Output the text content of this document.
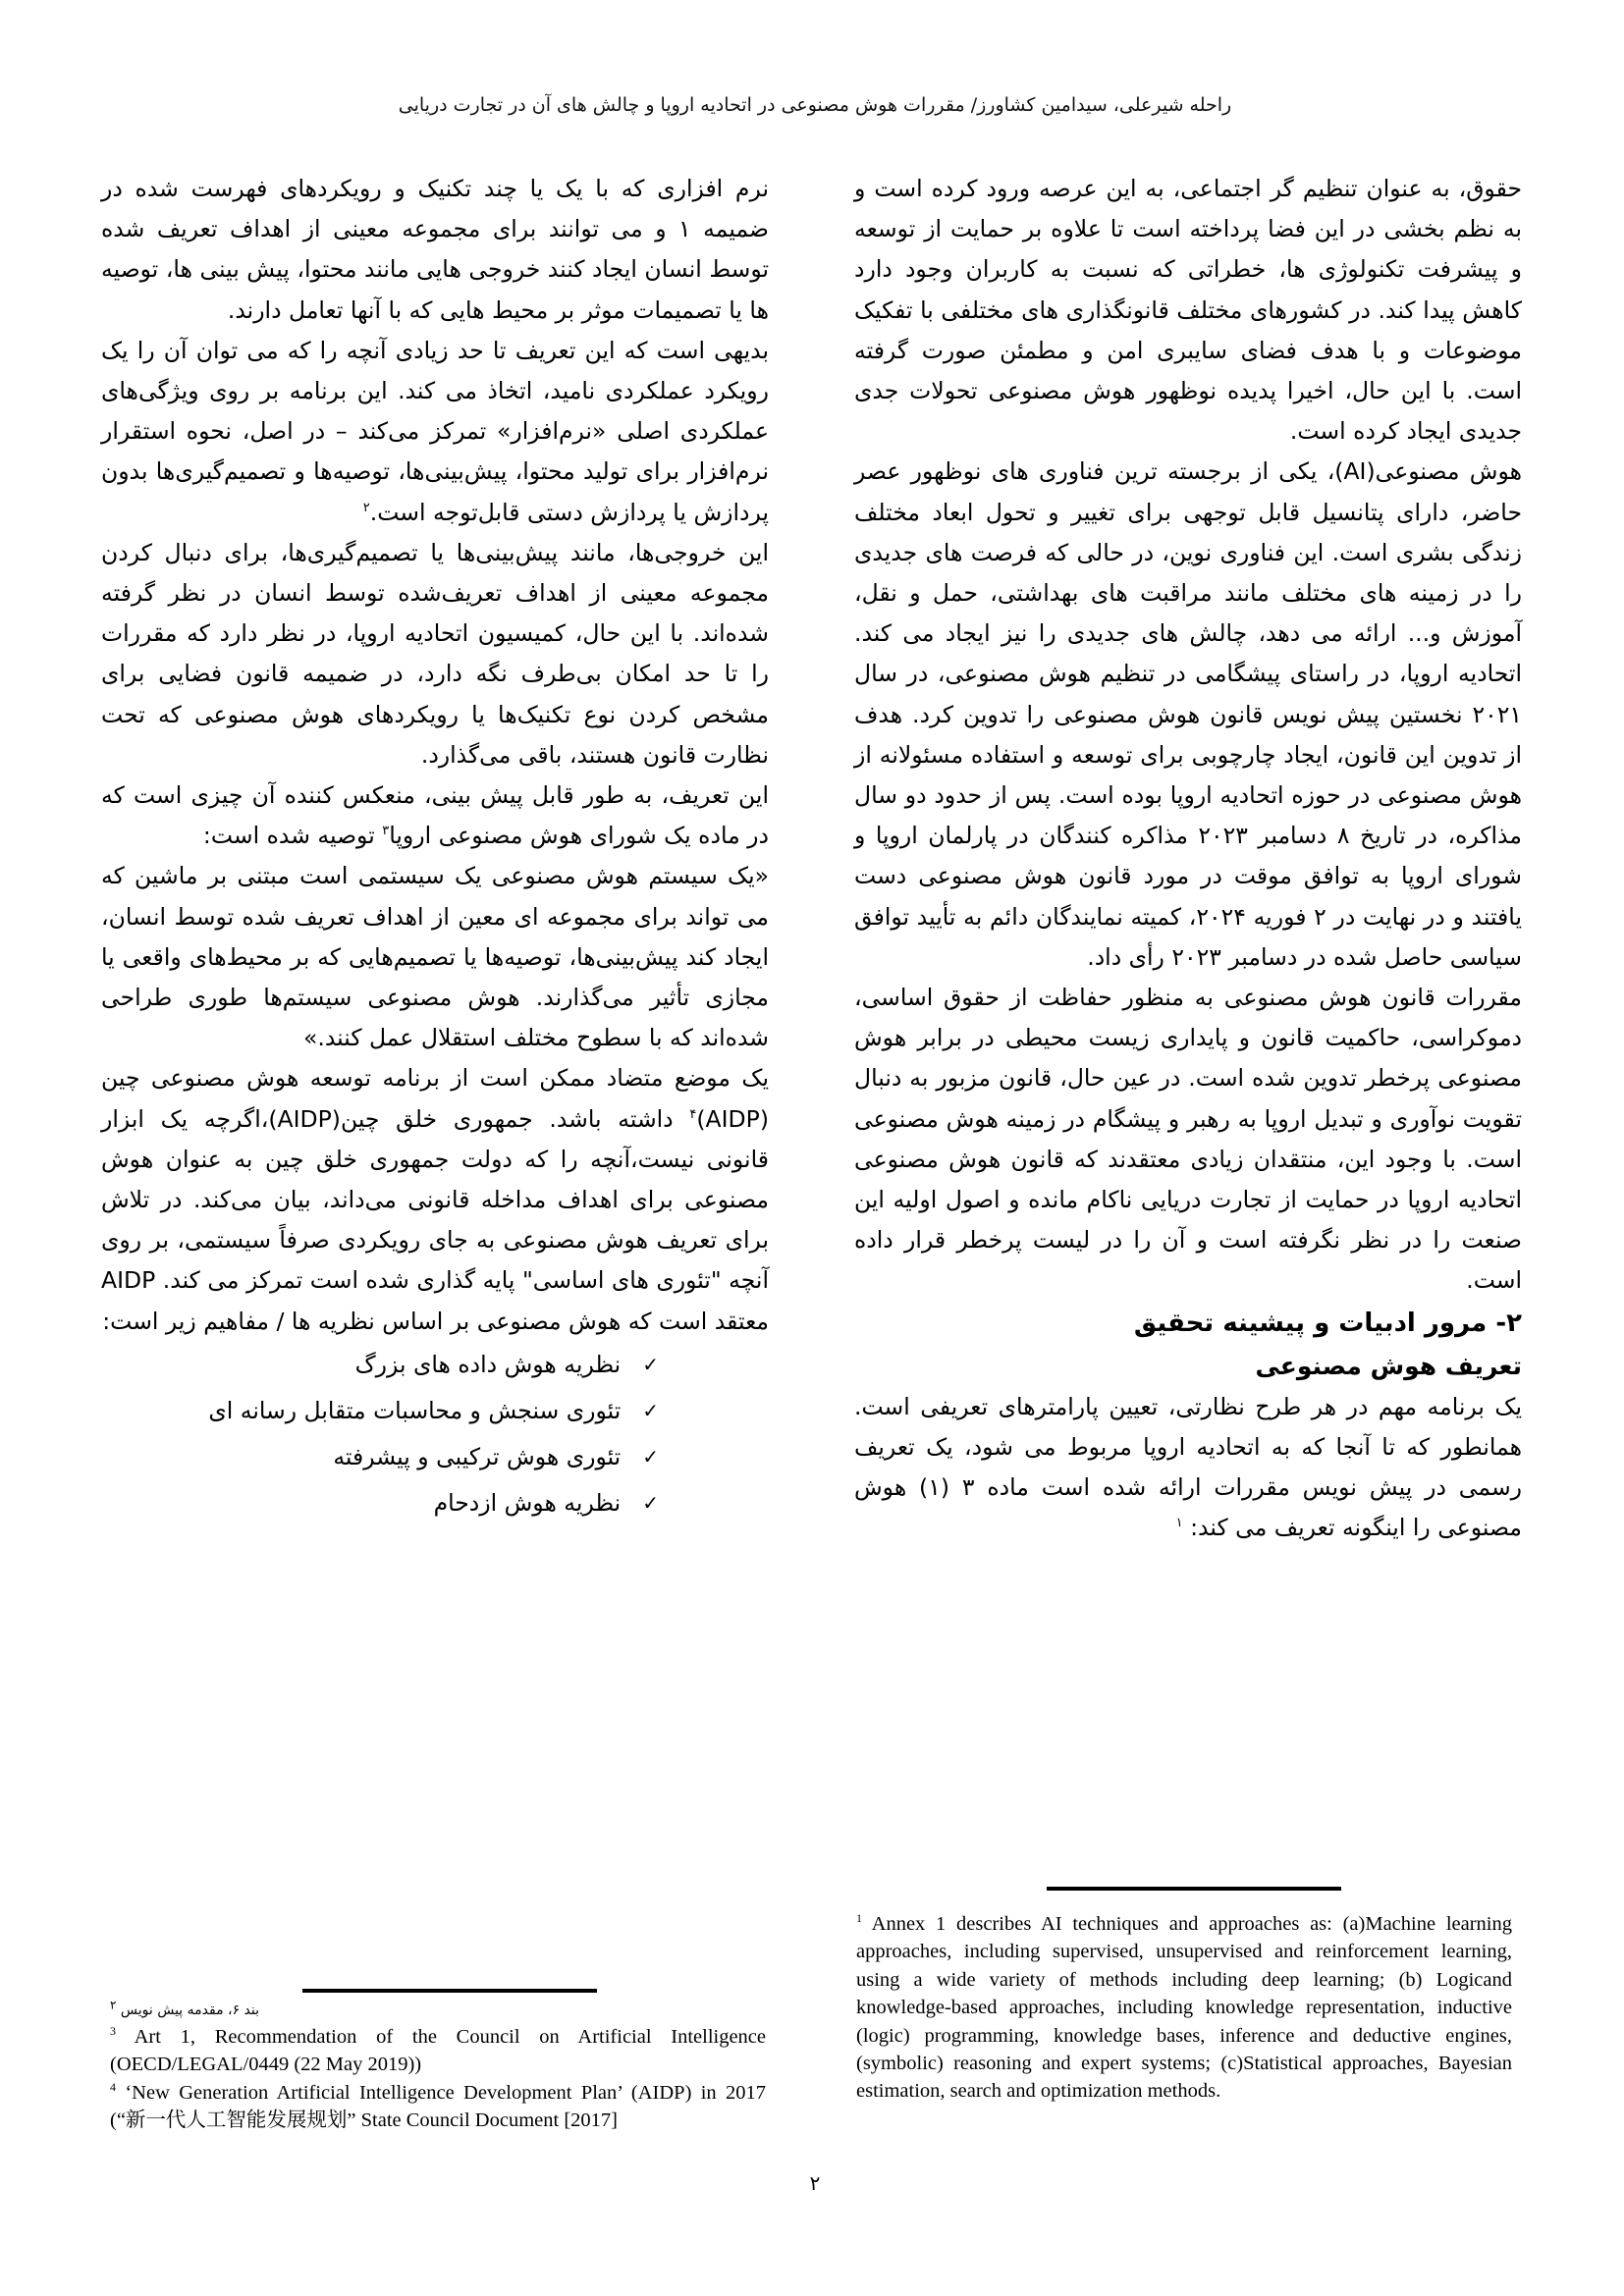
راحله شیرعلی، سیدامین کشاورز/ مقررات هوش مصنوعی در اتحادیه اروپا و چالش های آن در تجارت دریایی

حقوق، به عنوان تنظیم گر اجتماعی، به این عرصه ورود کرده است و به نظم بخشی در این فضا پرداخته است تا علاوه بر حمایت از توسعه و پیشرفت تکنولوژی ها، خطراتی که نسبت به کاربران وجود دارد کاهش پیدا کند. در کشورهای مختلف قانونگذاری های مختلفی با تفکیک موضوعات و با هدف فضای سایبری امن و مطمئن صورت گرفته است. با این حال، اخیرا پدیده نوظهور هوش مصنوعی تحولات جدی جدیدی ایجاد کرده است.

هوش مصنوعی(AI)، یکی از برجسته ترین فناوری های نوظهور عصر حاضر، دارای پتانسیل قابل توجهی برای تغییر و تحول ابعاد مختلف زندگی بشری است. این فناوری نوین، در حالی که فرصت های جدیدی را در زمینه های مختلف مانند مراقبت های بهداشتی، حمل و نقل، آموزش و... ارائه می دهد، چالش های جدیدی را نیز ایجاد می کند. اتحادیه اروپا، در راستای پیشگامی در تنظیم هوش مصنوعی، در سال ۲۰۲۱ نخستین پیش نویس قانون هوش مصنوعی را تدوین کرد. هدف از تدوین این قانون، ایجاد چارچوبی برای توسعه و استفاده مسئولانه از هوش مصنوعی در حوزه اتحادیه اروپا بوده است. پس از حدود دو سال مذاکره، در تاریخ ۸ دسامبر ۲۰۲۳ مذاکره کنندگان در پارلمان اروپا و شورای اروپا به توافق موقت در مورد قانون هوش مصنوعی دست یافتند و در نهایت در ۲ فوریه ۲۰۲۴، کمیته نمایندگان دائم به تأیید توافق سیاسی حاصل شده در دسامبر ۲۰۲۳ رأی داد.

مقررات قانون هوش مصنوعی به منظور حفاظت از حقوق اساسی، دموکراسی، حاکمیت قانون و پایداری زیست محیطی در برابر هوش مصنوعی پرخطر تدوین شده است. در عین حال، قانون مزبور به دنبال تقویت نوآوری و تبدیل اروپا به رهبر و پیشگام در زمینه هوش مصنوعی است. با وجود این، منتقدان زیادی معتقدند که قانون هوش مصنوعی اتحادیه اروپا در حمایت از تجارت دریایی ناکام مانده و اصول اولیه این صنعت را در نظر نگرفته است و آن را در لیست پرخطر قرار داده است.

۲- مرور ادبیات و پیشینه تحقیق
تعریف هوش مصنوعی

یک برنامه مهم در هر طرح نظارتی، تعیین پارامترهای تعریفی است. همانطور که تا آنجا که به اتحادیه اروپا مربوط می شود، یک تعریف رسمی در پیش نویس مقررات ارائه شده است ماده ۳ (۱) هوش مصنوعی را اینگونه تعریف می کند: $^۱$

نرم افزاری که با یک یا چند تکنیک و رویکردهای فهرست شده در ضمیمه ۱ و می توانند برای مجموعه معینی از اهداف تعریف شده توسط انسان ایجاد کنند خروجی هایی مانند محتوا، پیش بینی ها، توصیه ها یا تصمیمات موثر بر محیط هایی که با آنها تعامل دارند.

بدیهی است که این تعریف تا حد زیادی آنچه را که می توان آن را یک رویکرد عملکردی نامید، اتخاذ می کند. این برنامه بر روی ویژگی‌های عملکردی اصلی «نرم‌افزار» تمرکز می‌کند – در اصل، نحوه استقرار نرم‌افزار برای تولید محتوا، پیش‌بینی‌ها، توصیه‌ها و تصمیم‌گیری‌ها بدون پردازش یا پردازش دستی قابل‌توجه است.$^۲$

این خروجی‌ها، مانند پیش‌بینی‌ها یا تصمیم‌گیری‌ها، برای دنبال کردن مجموعه معینی از اهداف تعریف‌شده توسط انسان در نظر گرفته شده‌اند. با این حال، کمیسیون اتحادیه اروپا، در نظر دارد که مقررات را تا حد امکان بی‌طرف نگه دارد، در ضمیمه قانون فضایی برای مشخص کردن نوع تکنیک‌ها یا رویکردهای هوش مصنوعی که تحت نظارت قانون هستند، باقی می‌گذارد.

این تعریف، به طور قابل پیش بینی، منعکس کننده آن چیزی است که در ماده یک شورای هوش مصنوعی اروپا$^۳$ توصیه شده است:

«یک سیستم هوش مصنوعی یک سیستمی است مبتنی بر ماشین که می تواند برای مجموعه ای معین از اهداف تعریف شده توسط انسان، ایجاد کند پیش‌بینی‌ها، توصیه‌ها یا تصمیم‌هایی که بر محیط‌های واقعی یا مجازی تأثیر می‌گذارند. هوش مصنوعی سیستم‌ها طوری طراحی شده‌اند که با سطوح مختلف استقلال عمل کنند.»

یک موضع متضاد ممکن است از برنامه توسعه هوش مصنوعی چین (AIDP)$^۴$ داشته باشد. جمهوری خلق چین(AIDP)،اگرچه یک ابزار قانونی نیست،آنچه را که دولت جمهوری خلق چین به عنوان هوش مصنوعی برای اهداف مداخله قانونی می‌داند، بیان می‌کند. در تلاش برای تعریف هوش مصنوعی به جای رویکردی صرفاً سیستمی، بر روی آنچه "تئوری های اساسی" پایه گذاری شده است تمرکز می کند. AIDP معتقد است که هوش مصنوعی بر اساس نظریه ها / مفاهیم زیر است:

✓
نظریه هوش داده های بزرگ
✓
تئوری سنجش و محاسبات متقابل رسانه ای
✓
تئوری هوش ترکیبی و پیشرفته
✓
نظریه هوش ازدحام
$^1$ Annex 1 describes AI techniques and approaches as: (a)Machine learning approaches, including supervised, unsupervised and reinforcement learning, using a wide variety of methods including deep learning; (b) Logicand knowledge-based approaches, including knowledge representation, inductive (logic) programming, knowledge bases, inference and deductive engines, (symbolic) reasoning and expert systems; (c)Statistical approaches, Bayesian estimation, search and optimization methods.
بند ۶، مقدمه پیش نویس $^۲$
$^3$ Art 1, Recommendation of the Council on Artificial Intelligence (OECD/LEGAL/0449 (22 May 2019))
$^4$ ‘New Generation Artificial Intelligence Development Plan’ (AIDP) in 2017 (“新一代人工智能发展规划” State Council Document [2017]
۲
